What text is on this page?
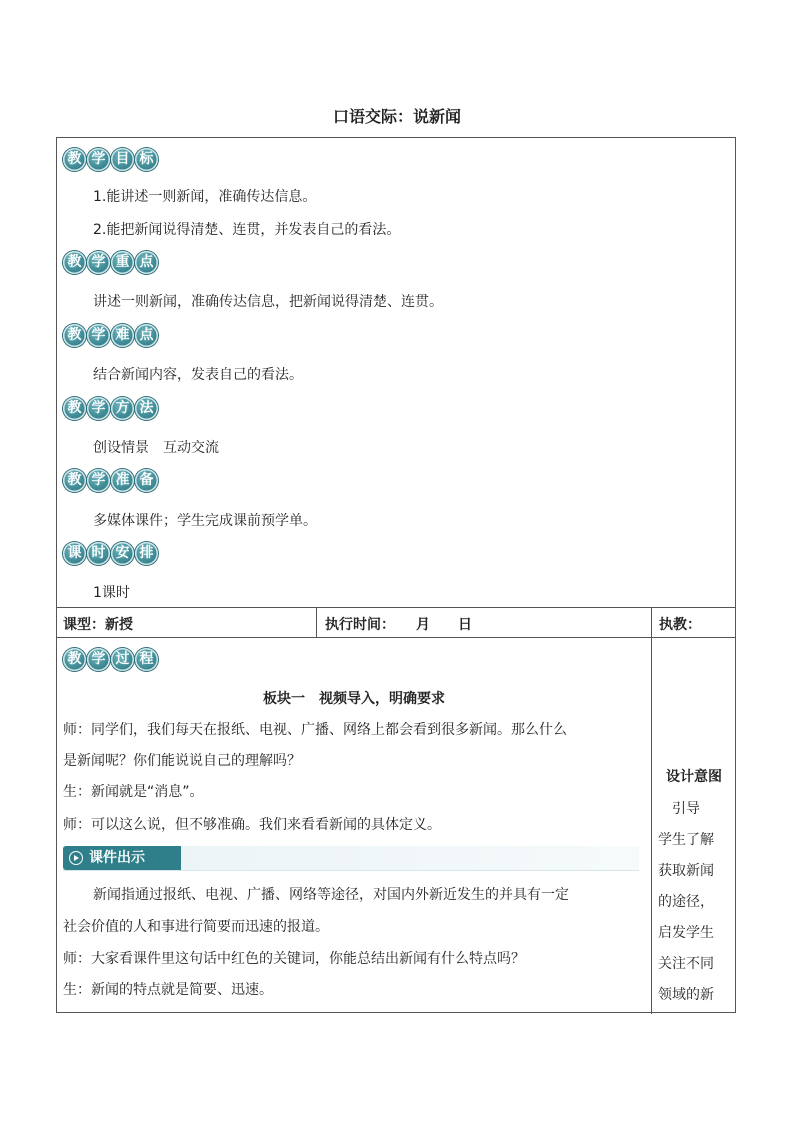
口语交际：说新闻
教 学 目 标
1.能讲述一则新闻，准确传达信息。
2.能把新闻说得清楚、连贯，并发表自己的看法。
教 学 重 点
讲述一则新闻，准确传达信息，把新闻说得清楚、连贯。
教 学 难 点
结合新闻内容，发表自己的看法。
教 学 方 法
创设情景　互动交流
教 学 准 备
多媒体课件；学生完成课前预学单。
课 时 安 排
1课时
课型：新授	执行时间：　　月　　日	执教：
教 学 过 程
板块一　视频导入，明确要求
师：同学们，我们每天在报纸、电视、广播、网络上都会看到很多新闻。那么什么
是新闻呢？你们能说说自己的理解吗？
生：新闻就是“消息”。
师：可以这么说，但不够准确。我们来看看新闻的具体定义。
课件出示
新闻指通过报纸、电视、广播、网络等途径，对国内外新近发生的并具有一定
社会价值的人和事进行简要而迅速的报道。
师：大家看课件里这句话中红色的关键词，你能总结出新闻有什么特点吗？
生：新闻的特点就是简要、迅速。
设计意图
　引导
学生了解
获取新闻
的途径，
启发学生
关注不同
领域的新
